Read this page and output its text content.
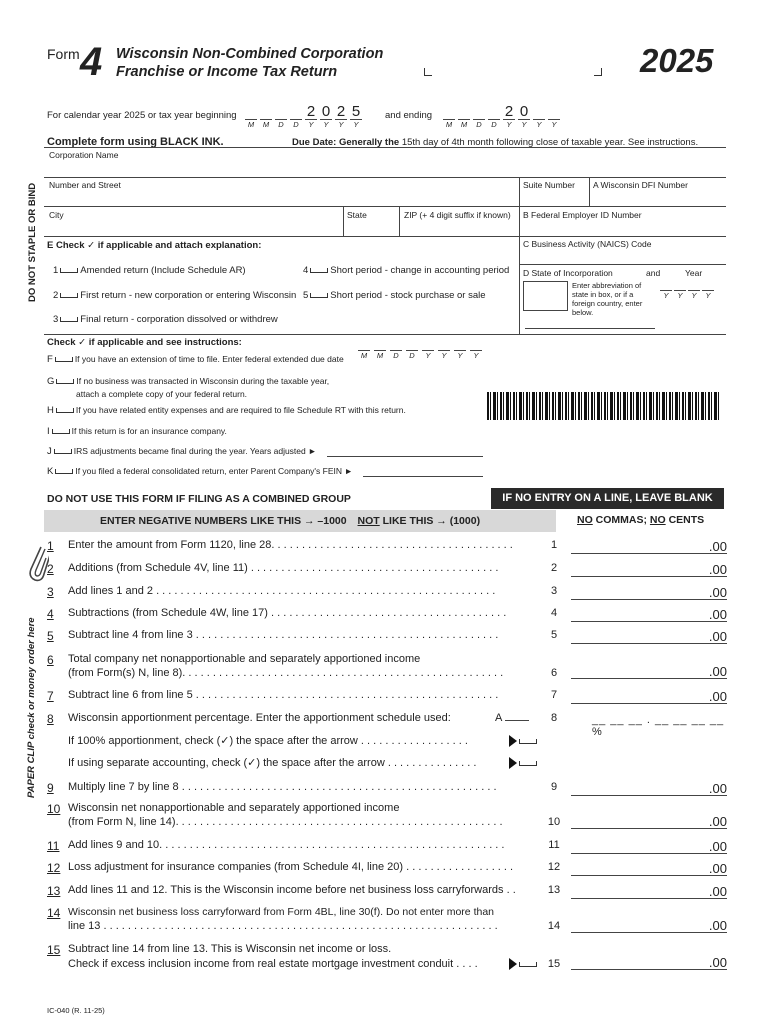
Form 4 Wisconsin Non-Combined Corporation
Franchise or Income Tax Return	2025
For calendar year 2025 or tax year beginning	2 0 2 5
M	M	D	D	Y	Y	Y	Y
and ending	2 0
M	M	D	D	Y	Y	Y	Y
Complete form using BLACK INK.	Due Date: Generally the 15th day of 4th month following close of taxable year. See instructions.
Corporation Name
Number and Street	Suite Number A Wisconsin DFI Number
City	State	ZIP (+ 4 digit suffix if known) B Federal Employer ID Number
C Business Activity (NAICS) Code
D State of Incorporation	and	Year
Enter abbreviation of state in box, or if a foreign country, enter below.
Y	Y	Y	Y
E Check ✓ if applicable and attach explanation:
1 Amended return (Include Schedule AR)
2 First return - new corporation or entering Wisconsin
3 Final return - corporation dissolved or withdrew
4 Short period - change in accounting period
5 Short period - stock purchase or sale
DO NOT STAPLE OR BIND
PAPER CLIP check or money order here
Check ✓ if applicable and see instructions:
F	If you have an extension of time to file. Enter federal extended due date	M	M	D	D	Y	Y	Y	Y
G	If no business was transacted in Wisconsin during the taxable year,
attach a complete copy of your federal return.
H	If you have related entity expenses and are required to file Schedule RT with this return.
I	If this return is for an insurance company.
J	IRS adjustments became final during the year. Years adjusted ►
K	If you filed a federal consolidated return, enter Parent Company's FEIN ►
DO NOT USE THIS FORM IF FILING AS A COMBINED GROUP	IF NO ENTRY ON A LINE, LEAVE BLANK
ENTER NEGATIVE NUMBERS LIKE THIS → –1000 NOT LIKE THIS → (1000)	NO COMMAS; NO CENTS
1 Enter the amount from Form 1120, line 28. . . . . . . . . . . . . . . . . . . . . . . . . . . . . . . . . . . . . . . .	1	.00
2 Additions (from Schedule 4V, line 11) . . . . . . . . . . . . . . . . . . . . . . . . . . . . . . . . . . . . . . . . .	2	.00
3 Add lines 1 and 2 . . . . . . . . . . . . . . . . . . . . . . . . . . . . . . . . . . . . . . . . . . . . . . . . . . . . . . . .	3	.00
4 Subtractions (from Schedule 4W, line 17) . . . . . . . . . . . . . . . . . . . . . . . . . . . . . . . . . . . . . . .	4	.00
5 Subtract line 4 from line 3 . . . . . . . . . . . . . . . . . . . . . . . . . . . . . . . . . . . . . . . . . . . . . . . . . .	5	.00
6 Total company net nonapportionable and separately apportioned income
(from Form(s) N, line 8). . . . . . . . . . . . . . . . . . . . . . . . . . . . . . . . . . . . . . . . . . . . . . . . . . . . .	6	.00
7 Subtract line 6 from line 5 . . . . . . . . . . . . . . . . . . . . . . . . . . . . . . . . . . . . . . . . . . . . . . . . . .	7	.00
8 Wisconsin apportionment percentage. Enter the apportionment schedule used:	A	8	__ __ __ . __ __ __ __ %
If 100% apportionment, check (✓) the space after the arrow . . . . . . . . . . . . . . . . . .
If using separate accounting, check (✓) the space after the arrow . . . . . . . . . . . . . . .
9 Multiply line 7 by line 8 . . . . . . . . . . . . . . . . . . . . . . . . . . . . . . . . . . . . . . . . . . . . . . . . . . . .	9	.00
10 Wisconsin net nonapportionable and separately apportioned income
(from Form N, line 14). . . . . . . . . . . . . . . . . . . . . . . . . . . . . . . . . . . . . . . . . . . . . . . . . . . . . .	10	.00
11 Add lines 9 and 10. . . . . . . . . . . . . . . . . . . . . . . . . . . . . . . . . . . . . . . . . . . . . . . . . . . . . . . . .	11	.00
12 Loss adjustment for insurance companies (from Schedule 4I, line 20) . . . . . . . . . . . . . . . . . .	12	.00
13 Add lines 11 and 12. This is the Wisconsin income before net business loss carryforwards . .	13	.00
14 Wisconsin net business loss carryforward from Form 4BL, line 30(f). Do not enter more than
line 13 . . . . . . . . . . . . . . . . . . . . . . . . . . . . . . . . . . . . . . . . . . . . . . . . . . . . . . . . . . . . . . . . .	14	.00
15 Subtract line 14 from line 13. This is Wisconsin net income or loss.
Check if excess inclusion income from real estate mortgage investment conduit . . . .	15	.00
IC-040 (R. 11-25)
